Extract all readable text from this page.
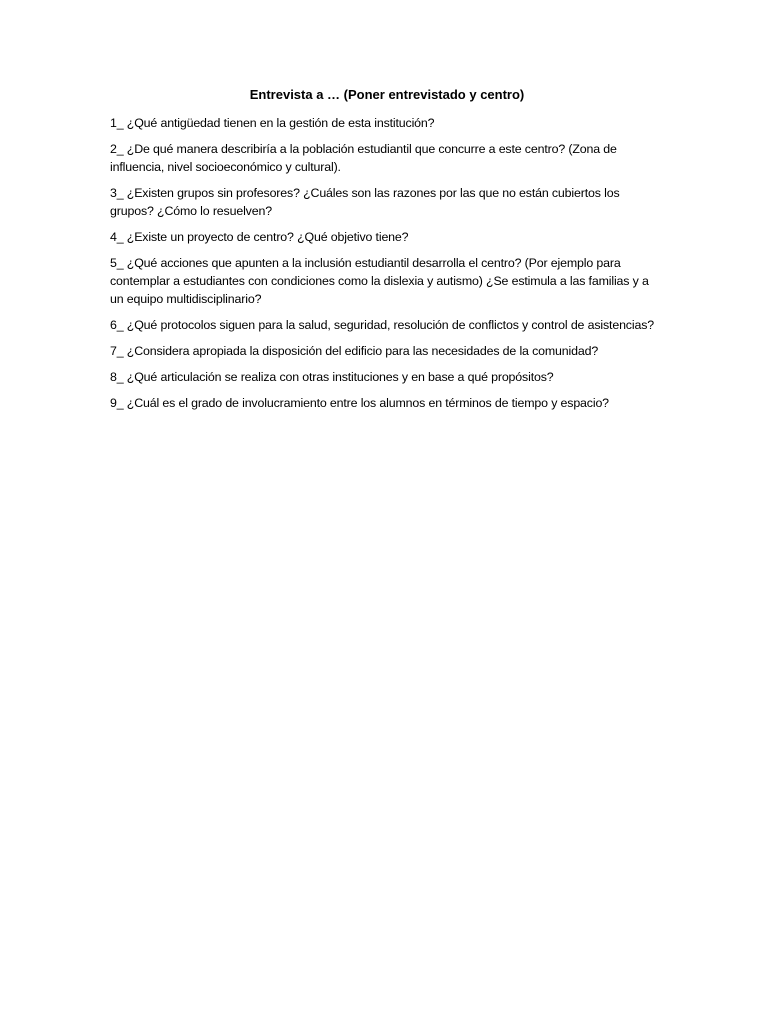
Entrevista a … (Poner entrevistado y centro)
1_ ¿Qué antigüedad tienen en la gestión de esta institución?
2_ ¿De qué manera describiría a la población estudiantil que concurre a este centro? (Zona de influencia, nivel socioeconómico y cultural).
3_ ¿Existen grupos sin profesores? ¿Cuáles son las razones por las que no están cubiertos los grupos? ¿Cómo lo resuelven?
4_ ¿Existe un proyecto de centro? ¿Qué objetivo tiene?
5_ ¿Qué acciones que apunten a la inclusión estudiantil desarrolla el centro? (Por ejemplo para contemplar a estudiantes con condiciones como la dislexia y autismo) ¿Se estimula a las familias y a un equipo multidisciplinario?
6_ ¿Qué protocolos siguen para la salud, seguridad, resolución de conflictos y control de asistencias?
7_ ¿Considera apropiada la disposición del edificio para las necesidades de la comunidad?
8_ ¿Qué articulación se realiza con otras instituciones y en base a qué propósitos?
9_ ¿Cuál es el grado de involucramiento entre los alumnos en términos de tiempo y espacio?
